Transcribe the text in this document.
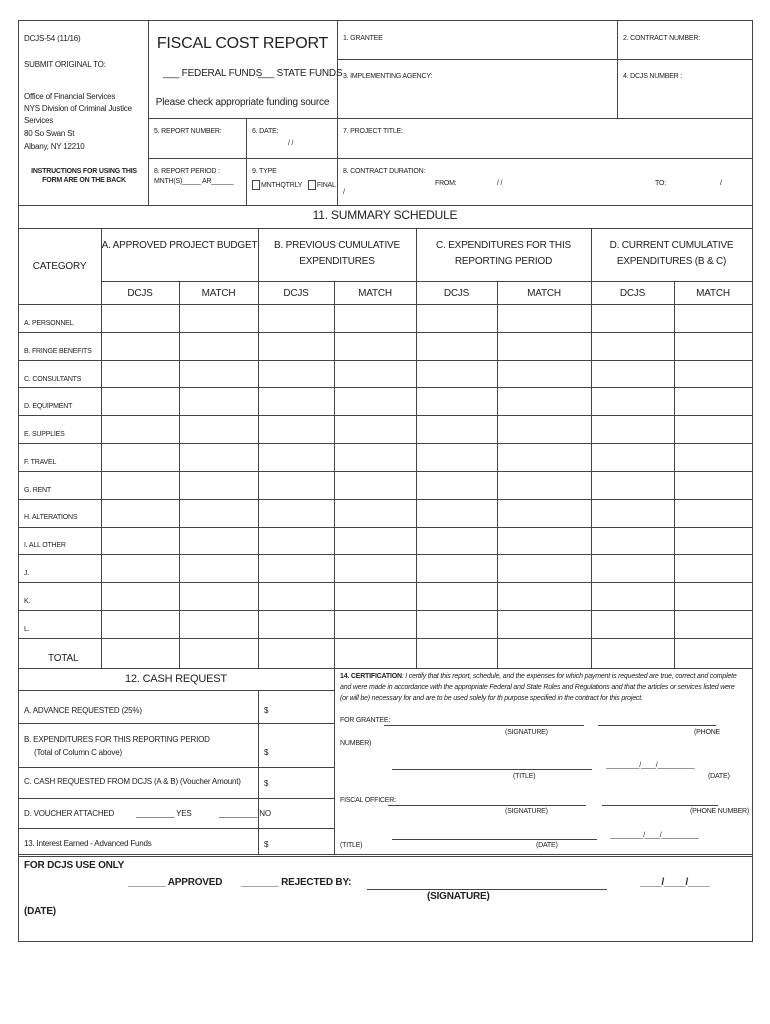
DCJS-54 (11/16)
SUBMIT ORIGINAL TO:
Office of Financial Services
NYS Division of Criminal Justice
Services
80 So Swan St
Albany, NY 12210
INSTRUCTIONS FOR USING THIS
FORM ARE ON THE BACK
FISCAL COST REPORT
___ FEDERAL FUNDS
___ STATE FUNDS
Please check appropriate funding source
1. GRANTEE	2. CONTRACT NUMBER:
3. IMPLEMENTING AGENCY:	4. DCJS NUMBER :
5. REPORT NUMBER:	6. DATE:
/ /
7. PROJECT TITLE:
8. REPORT PERIOD :
MNTH(S)_____ AR______
9. TYPE
MNTHQTRLY FINAL
8. CONTRACT DURATION:
/
FROM:	/ /	TO:	/
11. SUMMARY SCHEDULE
CATEGORY
A. APPROVED PROJECT BUDGET	B. PREVIOUS CUMULATIVE
EXPENDITURES
C. EXPENDITURES FOR THIS
REPORTING PERIOD
D. CURRENT CUMULATIVE
EXPENDITURES (B & C)
DCJS	MATCH	DCJS	MATCH	DCJS	MATCH	DCJS	MATCH
A. PERSONNEL
B. FRINGE BENEFITS
C. CONSULTANTS
D. EQUIPMENT
E. SUPPLIES
F. TRAVEL
G. RENT
H. ALTERATIONS
I. ALL OTHER
J.
K.
L.
TOTAL
12. CASH REQUEST
A. ADVANCE REQUESTED (25%)	$
B. EXPENDITURES FOR THIS REPORTING PERIOD
(Total of Column C above)	$
C. CASH REQUESTED FROM DCJS (A & B) (Voucher Amount)	$
D. VOUCHER ATTACHED	_________ YES	_________ NO
13. Interest Earned - Advanced Funds	$
14. CERTIFICATION: I certify that this report, schedule, and the expenses for which payment is requested are true, correct and complete
and were made in accordance with the appropriate Federal and State Rules and Regulations and that the articles or services listed were
(or will be) necessary for and are to be used solely for th purpose specified in the contract for this project.
FOR GRANTEE:
(SIGNATURE)	(PHONE
NUMBER)
_________/____/__________
(TITLE)	(DATE)
FISCAL OFFICER:
(SIGNATURE)	(PHONE NUMBER)
_________/____/__________
(TITLE)	(DATE)
FOR DCJS USE ONLY
_______ APPROVED _______ REJECTED BY:	____/____/____
(SIGNATURE)
(DATE)
